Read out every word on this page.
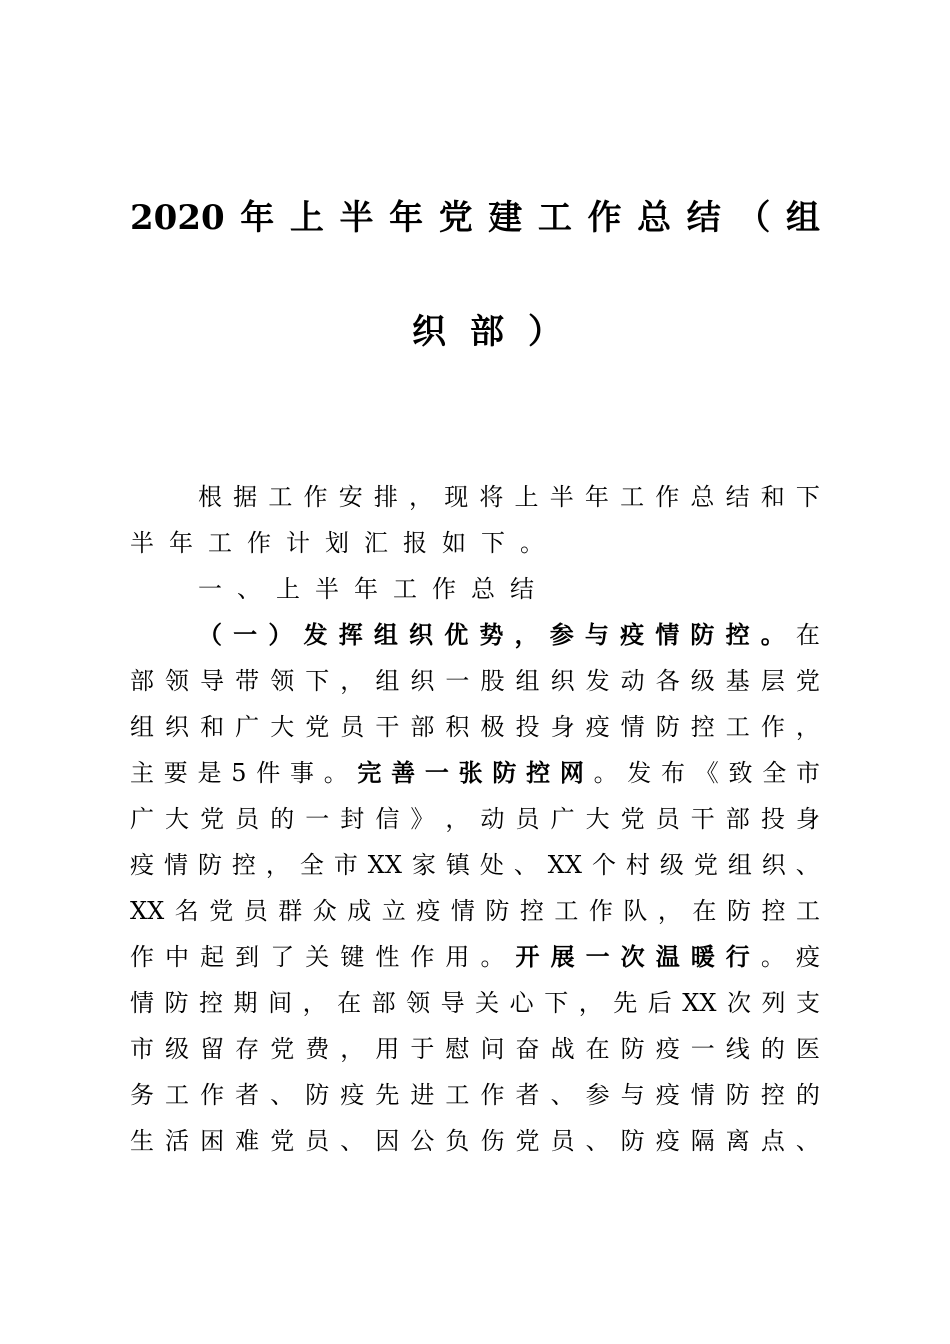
2020 年 上 半 年 党 建 工 作 总 结 （ 组
织部）
根 据 工 作 安 排 ， 现 将 上 半 年 工 作 总 结 和 下
半 年 工 作 计 划 汇 报 如 下 。
一 、 上 半 年 工 作 总 结
（ 一 ） 发 挥 组 织 优 势 ， 参 与 疫 情 防 控 。 在
部 领 导 带 领 下 ， 组 织 一 股 组 织 发 动 各 级 基 层 党
组 织 和 广 大 党 员 干 部 积 极 投 身 疫 情 防 控 工 作 ，
主 要 是 5 件 事 。 完 善 一 张 防 控 网 。 发 布 《 致 全 市
广 大 党 员 的 一 封 信 》 ， 动 员 广 大 党 员 干 部 投 身
疫 情 防 控 ， 全 市 XX 家 镇 处 、 XX 个 村 级 党 组 织 、
XX 名 党 员 群 众 成 立 疫 情 防 控 工 作 队 ， 在 防 控 工
作 中 起 到 了 关 键 性 作 用 。 开 展 一 次 温 暖 行 。 疫
情 防 控 期 间 ， 在 部 领 导 关 心 下 ， 先 后 XX 次 列 支
市 级 留 存 党 费 ， 用 于 慰 问 奋 战 在 防 疫 一 线 的 医
务 工 作 者 、 防 疫 先 进 工 作 者 、 参 与 疫 情 防 控 的
生 活 困 难 党 员 、 因 公 负 伤 党 员 、 防 疫 隔 离 点 、
